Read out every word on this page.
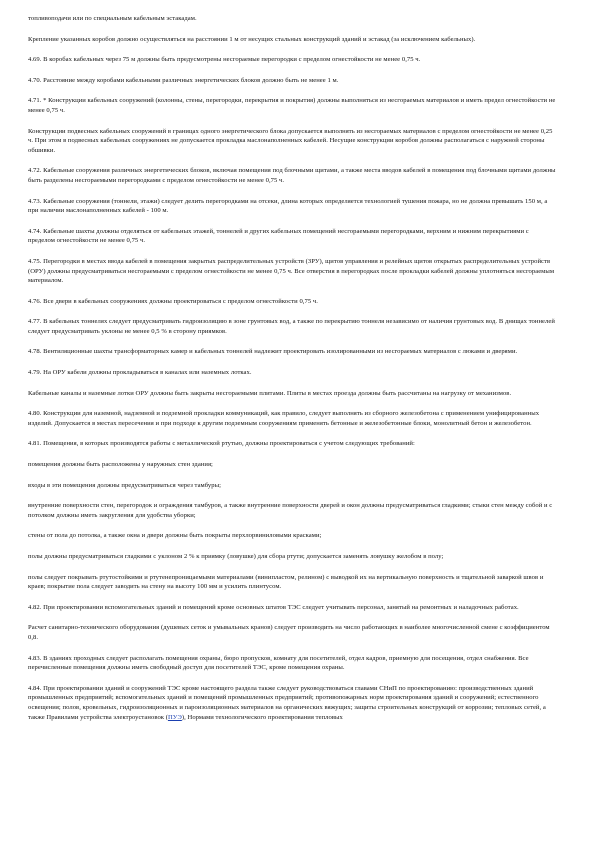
топливоподачи или по специальным кабельным эстакадам.

Крепление указанных коробов должно осуществляться на расстоянии 1 м от несущих стальных конструкций зданий и эстакад (за исключением кабельных).

4.69. В коробах кабельных через 75 м должны быть предусмотрены несгораемые перегородки с пределом огнестойкости не менее 0,75 ч.

4.70. Расстояние между коробами кабельными различных энергетических блоков должно быть не менее 1 м.

4.71. * Конструкции кабельных сооружений (колонны, стены, перегородки, перекрытия и покрытия) должны выполняться из несгораемых материалов и иметь предел огнестойкости не менее 0,75 ч.

Конструкции подвесных кабельных сооружений в границах одного энергетического блока допускается выполнять из несгораемых материалов с пределом огнестойкости не менее 0,25 ч. При этом в подвесных кабельных сооружениях не допускается прокладка маслонаполненных кабелей. Несущие конструкции коробов должны располагаться с наружной стороны обшивки.

4.72. Кабельные сооружения различных энергетических блоков, включая помещения под блочными щитами, а также места вводов кабелей в помещения под блочными щитами должны быть разделены несгораемыми перегородками с пределом огнестойкости не менее 0,75 ч.

4.73. Кабельные сооружения (тоннели, этажи) следует делить перегородками на отсеки, длина которых определяется технологией тушения пожара, но не должна превышать 150 м, а при наличии маслонаполненных кабелей - 100 м.

4.74. Кабельные шахты должны отделяться от кабельных этажей, тоннелей и других кабельных помещений несгораемыми перегородками, верхним и нижним перекрытиями с пределом огнестойкости не менее 0,75 ч.

4.75. Перегородки в местах ввода кабелей в помещения закрытых распределительных устройств (ЗРУ), щитов управления и релейных щитов открытых распределительных устройств (ОРУ) должны предусматриваться несгораемыми с пределом огнестойкости не менее 0,75 ч. Все отверстия в перегородках после прокладки кабелей должны уплотняться несгораемым материалом.

4.76. Все двери в кабельных сооружениях должны проектироваться с пределом огнестойкости 0,75 ч.

4.77. В кабельных тоннелях следует предусматривать гидроизоляцию в зоне грунтовых вод, а также по перекрытию тоннеля независимо от наличия грунтовых вод. В днищах тоннелей следует предусматривать уклоны не менее 0,5 % в сторону приямков.

4.78. Вентиляционные шахты трансформаторных камер и кабельных тоннелей надлежит проектировать изолированными из несгораемых материалов с люками и дверями.

4.79. На ОРУ кабели должны прокладываться в каналах или наземных лотках.

Кабельные каналы и наземные лотки ОРУ должны быть закрыты несгораемыми плитами. Плиты в местах проезда должны быть рассчитаны на нагрузку от механизмов.

4.80. Конструкции для наземной, надземной и подземной прокладки коммуникаций, как правило, следует выполнять из сборного железобетона с применением унифицированных изделий. Допускается в местах пересечения и при подходе к другим подземным сооружениям применять бетонные и железобетонные блоки, монолитный бетон и железобетон.

4.81. Помещения, в которых производятся работы с металлической ртутью, должны проектироваться с учетом следующих требований:

помещения должны быть расположены у наружных стен здания;

входы в эти помещения должны предусматриваться через тамбуры;

внутренние поверхности стен, перегородок и ограждения тамбуров, а также внутренние поверхности дверей и окон должны предусматриваться гладкими; стыки стен между собой и с потолком должны иметь закругления для удобства уборки;

стены от пола до потолка, а также окна и двери должны быть покрыты перхлорвиниловыми красками;

полы должны предусматриваться гладкими с уклоном 2 % к приямку (ловушке) для сбора ртути; допускается заменять ловушку желобом в полу;

полы следует покрывать ртутостойкими и ртутенепроницаемыми материалами (винипластом, релином) с выводкой их на вертикальную поверхность и тщательной заваркой швов и краев; покрытие пола следует заводить на стену на высоту 100 мм и усилить плинтусом.

4.82. При проектировании вспомогательных зданий и помещений кроме основных штатов ТЭС следует учитывать персонал, занятый на ремонтных и наладочных работах.

Расчет санитарно-технического оборудования (душевых сеток и умывальных кранов) следует производить на число работающих в наиболее многочисленной смене с коэффициентом 0,8.

4.83. В зданиях проходных следует располагать помещения охраны, бюро пропусков, комнату для посетителей, отдел кадров, приемную для посещения, отдел снабжения. Все перечисленные помещения должны иметь свободный доступ для посетителей ТЭС, кроме помещения охраны.

4.84. При проектировании зданий и сооружений ТЭС кроме настоящего раздела также следует руководствоваться главами СНиП по проектированию: производственных зданий промышленных предприятий; вспомогательных зданий и помещений промышленных предприятий; противопожарных норм проектирования зданий и сооружений; естественного освещения; полов, кровельных, гидроизоляционных и пароизоляционных материалов на органических вяжущих; защиты строительных конструкций от коррозии; тепловых сетей, а также Правилами устройства электроустановок (ПУЭ), Нормами технологического проектирования тепловых
